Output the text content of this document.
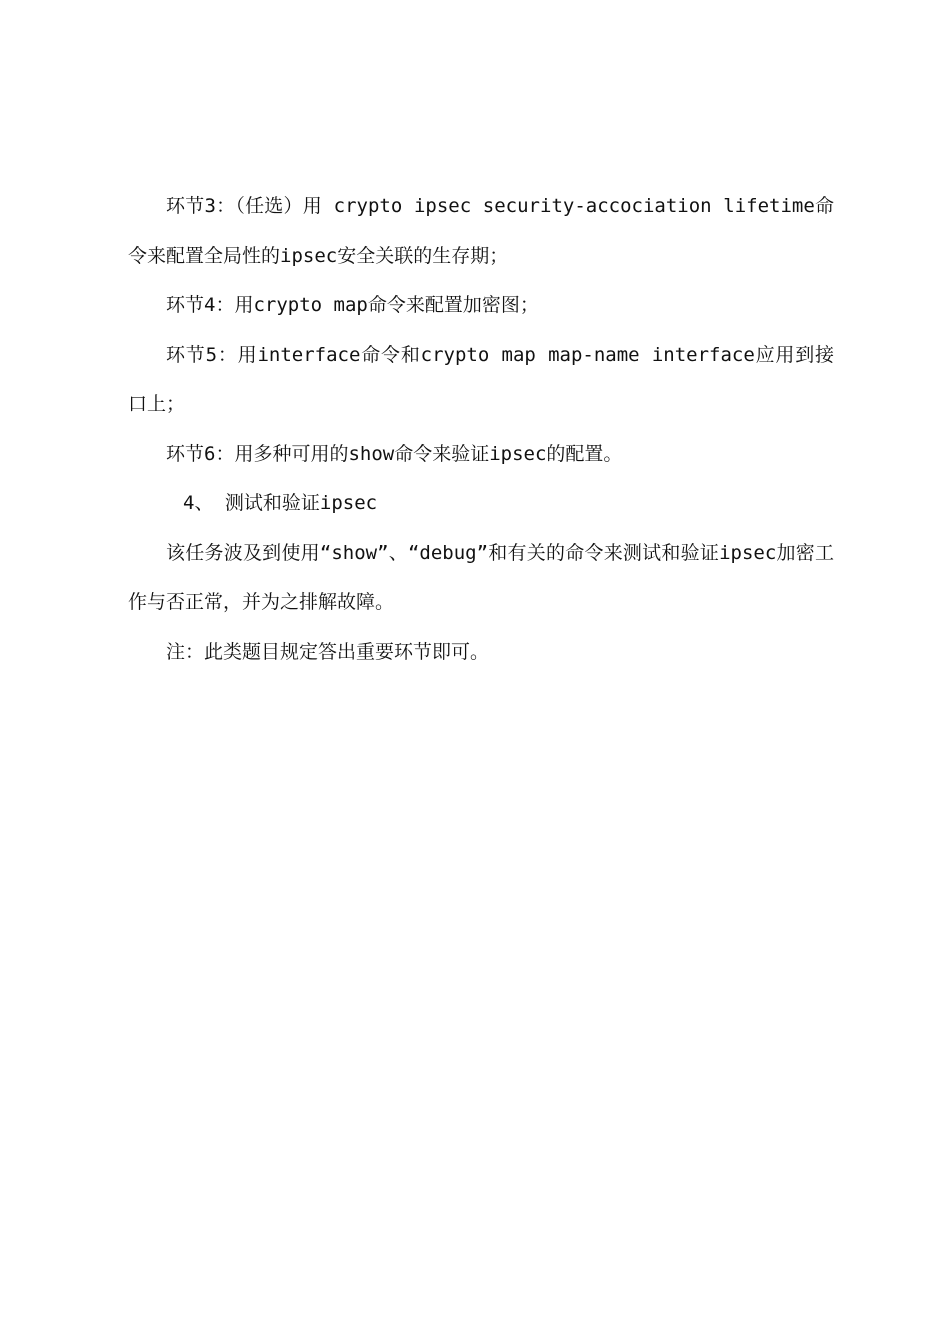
环节3：（任选）用 crypto ipsec security-accociation lifetime命令来配置全局性的ipsec安全关联的生存期；

环节4：用crypto map命令来配置加密图；

环节5：用interface命令和crypto map map-name interface应用到接口上；

环节6：用多种可用的show命令来验证ipsec的配置。

4、 测试和验证ipsec

该任务波及到使用“show”、“debug”和有关的命令来测试和验证ipsec加密工作与否正常，并为之排解故障。

注：此类题目规定答出重要环节即可。
